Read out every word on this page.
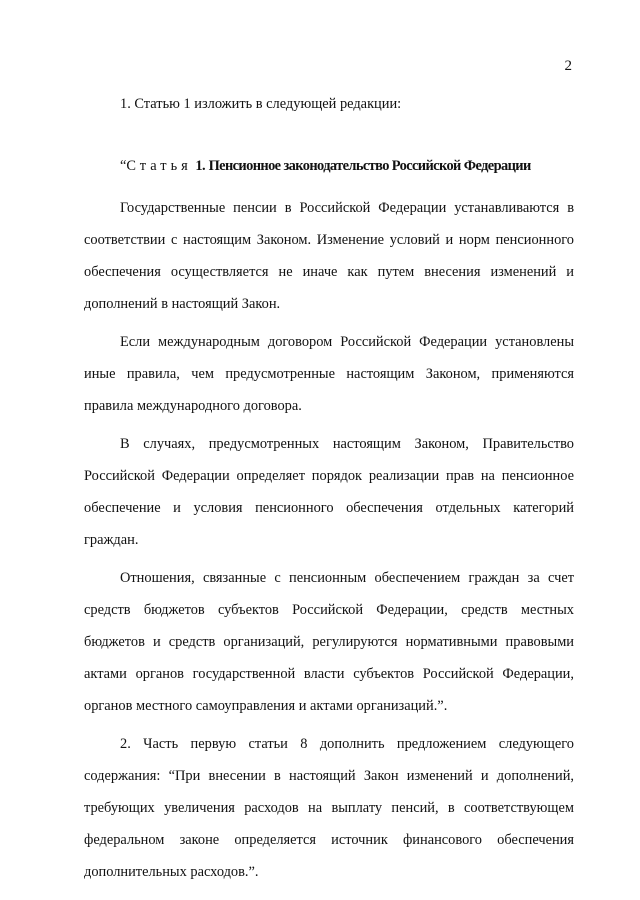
2

1. Статью 1 изложить в следующей редакции:

“Статья 1. Пенсионное законодательство Российской Федерации

Государственные пенсии в Российской Федерации устанавливаются в соответствии с настоящим Законом. Изменение условий и норм пенсионного обеспечения осуществляется не иначе как путем внесения изменений и дополнений в настоящий Закон.

Если международным договором Российской Федерации установлены иные правила, чем предусмотренные настоящим Законом, применяются правила международного договора.

В случаях, предусмотренных настоящим Законом, Правительство Российской Федерации определяет порядок реализации прав на пенсионное обеспечение и условия пенсионного обеспечения отдельных категорий граждан.

Отношения, связанные с пенсионным обеспечением граждан за счет средств бюджетов субъектов Российской Федерации, средств местных бюджетов и средств организаций, регулируются нормативными правовыми актами органов государственной власти субъектов Российской Федерации, органов местного самоуправления и актами организаций.”.

2. Часть первую статьи 8 дополнить предложением следующего содержания: “При внесении в настоящий Закон изменений и дополнений, требующих увеличения расходов на выплату пенсий, в соответствующем федеральном законе определяется источник финансового обеспечения дополнительных расходов.”.
